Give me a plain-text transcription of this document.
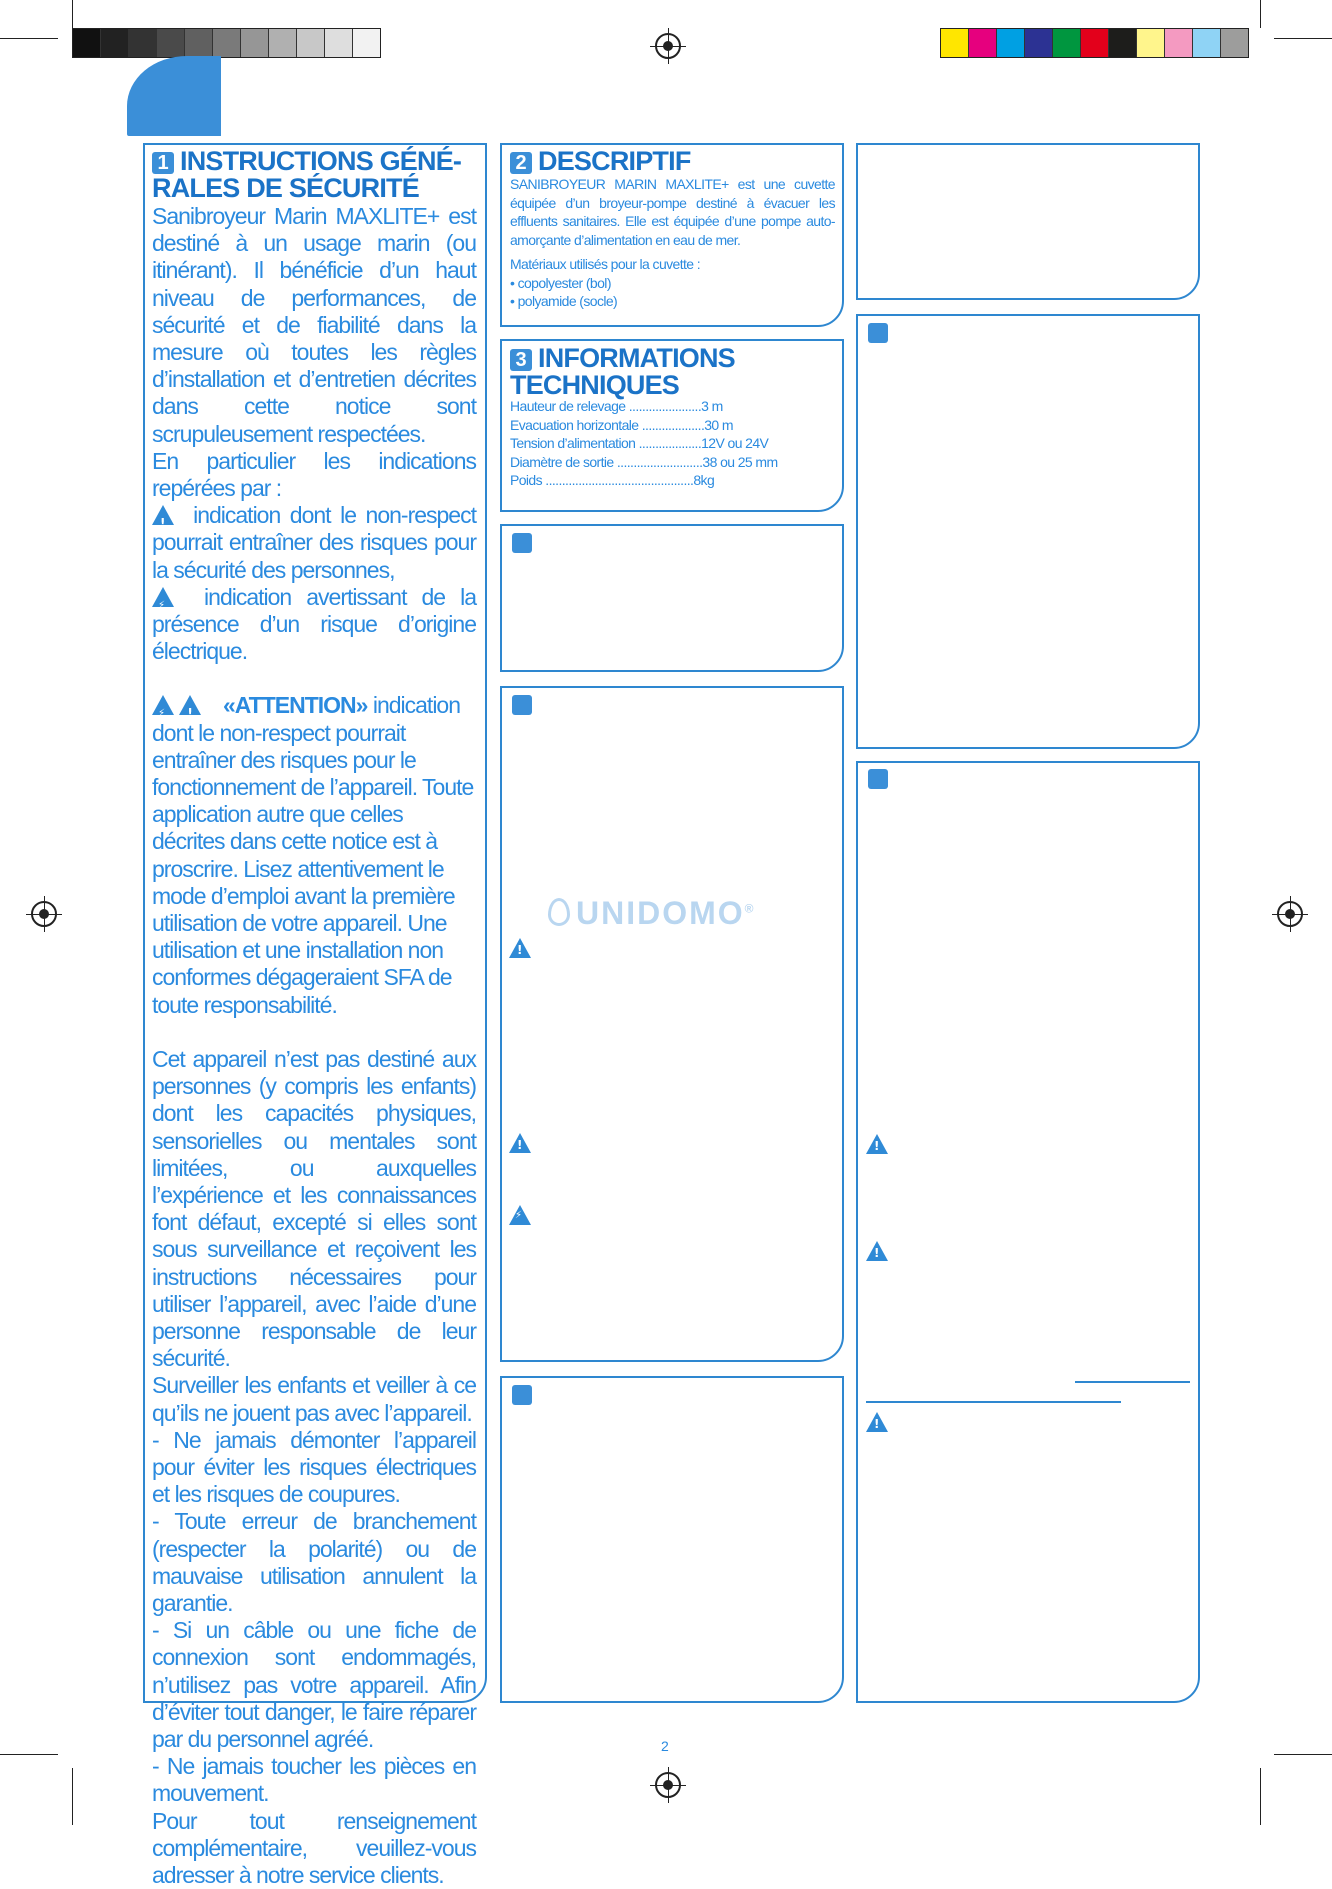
1 INSTRUCTIONS GÉNÉ-
RALES DE SÉCURITÉ

Sanibroyeur Marin MAXLITE+ est destiné à un usage marin (ou itinérant). Il bénéficie d’un haut niveau de performances, de sécurité et de fiabilité dans la mesure où toutes les règles d’installation et d’entretien décrites dans cette notice sont scrupuleusement respectées.

En particulier les indications repérées par :

!  indication dont le non-respect pourrait entraîner des risques pour la sécurité des personnes,

⚡  indication avertissant de la présence d’un risque d’origine électrique.

⚡ !    «ATTENTION» indication dont le non-respect pourrait entraîner des risques pour le fonctionnement de l’appareil. Toute application autre que celles décrites dans cette notice est à proscrire. Lisez attentivement le mode d’emploi avant la première utilisation de votre appareil. Une utilisation et une installation non conformes dégageraient SFA de toute responsabilité.

Cet appareil n’est pas destiné aux personnes (y compris les enfants) dont les capacités physiques, sensorielles ou mentales sont limitées, ou auxquelles l’expérience et les connaissances font défaut, excepté si elles sont sous surveillance et reçoivent les instructions nécessaires pour utiliser l’appareil, avec l’aide d’une personne responsable de leur sécurité.

Surveiller les enfants et veiller à ce qu’ils ne jouent pas avec l’appareil.

- Ne jamais démonter l’appareil pour éviter les risques électriques et les risques de coupures.

- Toute erreur de branchement (respecter la polarité) ou de mauvaise utilisation annulent la garantie.

- Si un câble ou une fiche de connexion sont endommagés, n’utilisez pas votre appareil. Afin d’éviter tout danger, le faire réparer par du personnel agréé.

- Ne jamais toucher les pièces en mouvement.

Pour tout renseignement complémentaire, veuillez-vous adresser à notre service clients.

2 DESCRIPTIF

SANIBROYEUR MARIN MAXLITE+ est une cuvette équipée d’un broyeur-pompe destiné à évacuer les effluents sanitaires. Elle est équipée d’une pompe auto-amorçante d’alimentation en eau de mer.

Matériaux utilisés pour la cuvette :

• copolyester (bol)

• polyamide (socle)

3 INFORMATIONS
TECHNIQUES
Hauteur de relevage ...................... 3 m
Evacuation horizontale ................... 30 m
Tension d’alimentation ................... 12V ou 24V
Diamètre de sortie .......................... 38 ou 25 mm
Poids ............................................. 8kg
UNIDOMO®
!
!
⚡
!
!
!
2
